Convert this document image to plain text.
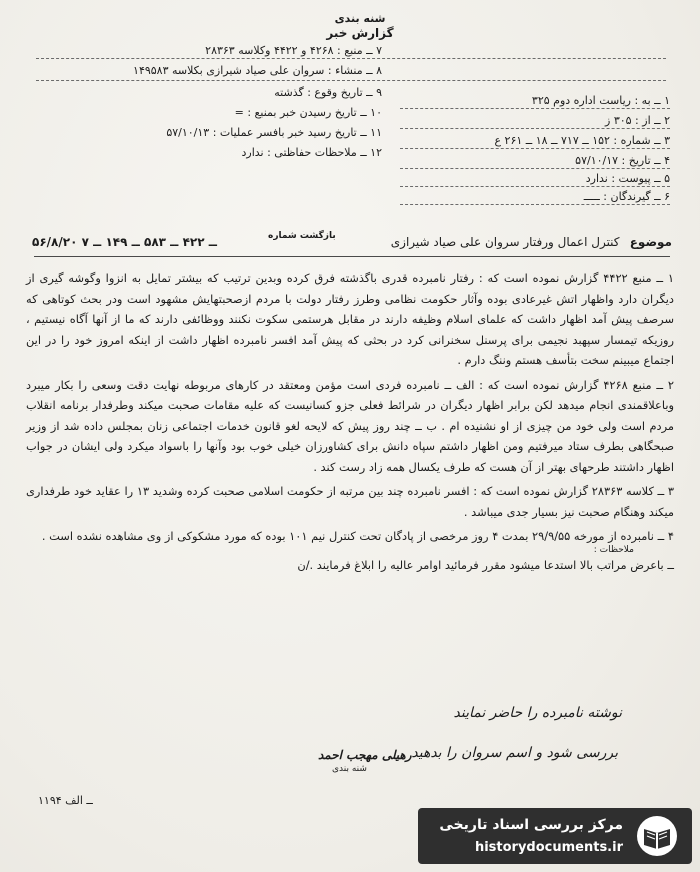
شنه بندی
گزارش خبر
۷ ــ منبع : ۴۲۶۸ و ۴۴۲۲ وکلاسه ۲۸۳۶۳
۸ ــ منشاء : سروان علی صیاد شیرازی بکلاسه ۱۴۹۵۸۳
۹ ــ تاریخ وقوع : گذشته
۱۰ ــ تاریخ رسیدن خبر بمنبع : =
۱۱ ــ تاریخ رسید خبر بافسر عملیات : ۵۷/۱۰/۱۳
۱۲ ــ ملاحظات حفاظتی : ندارد
۱ ــ به : ریاست اداره دوم ۳۲۵
۲ ــ از : ۳۰۵ ز
۳ ــ شماره : ۱۵۲ ــ ۷۱۷ ــ ۱۸ ــ ۲۶۱ ع
۴ ــ تاریخ : ۵۷/۱۰/۱۷
۵ ــ پیوست : ندارد
۶ ــ گیرندگان : ـــــ
موضوع کنترل اعمال ورفتار سروان علی صیاد شیرازی
بازگشت شماره
۵۶/۸/۲۰ ــ ۴۲۲ ــ ۵۸۳ ــ ۱۴۹ ــ ۷

۱ ــ منبع ۴۴۲۲ گزارش نموده است که : رفتار نامبرده قدری باگذشته فرق کرده وبدین ترتیب که بیشتر تمایل به انزوا وگوشه گیری از دیگران دارد واظهار اتش غیرعادی بوده وآثار حکومت نظامی وطرز رفتار دولت با مردم ازصحبتهایش مشهود است ودر بحث کوتاهی که سرصف پیش آمد اظهار داشت که علمای اسلام وظیفه دارند در مقابل هرستمی سکوت نکنند ووظائفی دارند که ما از آنها آگاه نیستیم ، روزیکه تیمسار سپهبد نجیمی برای پرسنل سخنرانی کرد در بحثی که پیش آمد افسر نامبرده اظهار داشت از اینکه امروز خود را در این اجتماع میبینم سخت بتأسف هستم وننگ دارم .

۲ ــ منبع ۴۲۶۸ گزارش نموده است که : الف ــ نامبرده فردی است مؤمن ومعتقد در کارهای مربوطه نهایت دقت وسعی را بکار میبرد وباعلاقمندی انجام میدهد لکن برابر اظهار دیگران در شرائط فعلی جزو کسانیست که علیه مقامات صحبت میکند وطرفدار برنامه انقلاب مردم است ولی خود من چیزی از او نشنیده ام . ب ــ چند روز پیش که لایحه لغو قانون خدمات اجتماعی زنان بمجلس داده شد از وزیر صبحگاهی بطرف ستاد میرفتیم ومن اظهار داشتم سپاه دانش برای کشاورزان خیلی خوب بود وآنها را باسواد میکرد ولی ایشان در جواب اظهار داشتند طرحهای بهتر از آن هست که طرف یکسال همه زاد رست کند .

۳ ــ کلاسه ۲۸۳۶۳ گزارش نموده است که : افسر نامبرده چند بین مرتبه از حکومت اسلامی صحبت کرده وشدید ۱۳ را عقاید خود طرفداری میکند وهنگام صحبت نیز بسیار جدی میباشد .

۴ ــ نامبرده از مورخه ۲۹/۹/۵۵ بمدت ۴ روز مرخصی از پادگان تحت کنترل نیم ۱۰۱ بوده که مورد مشکوکی از وی مشاهده نشده است .

ملاحظات :

ــ باعرض مراتب بالا استدعا میشود مقرر فرمائید اوامر عالیه را ابلاغ فرمایند ./ن

نوشته نامبرده را حاضر نمایند
بررسی شود و اسم سروان را بدهید
رهیلی مهجب احمد
شنه بندی
۱۱۹۴ ــ الف
مرکز بررسی اسناد تاریخی
historydocuments.ir
